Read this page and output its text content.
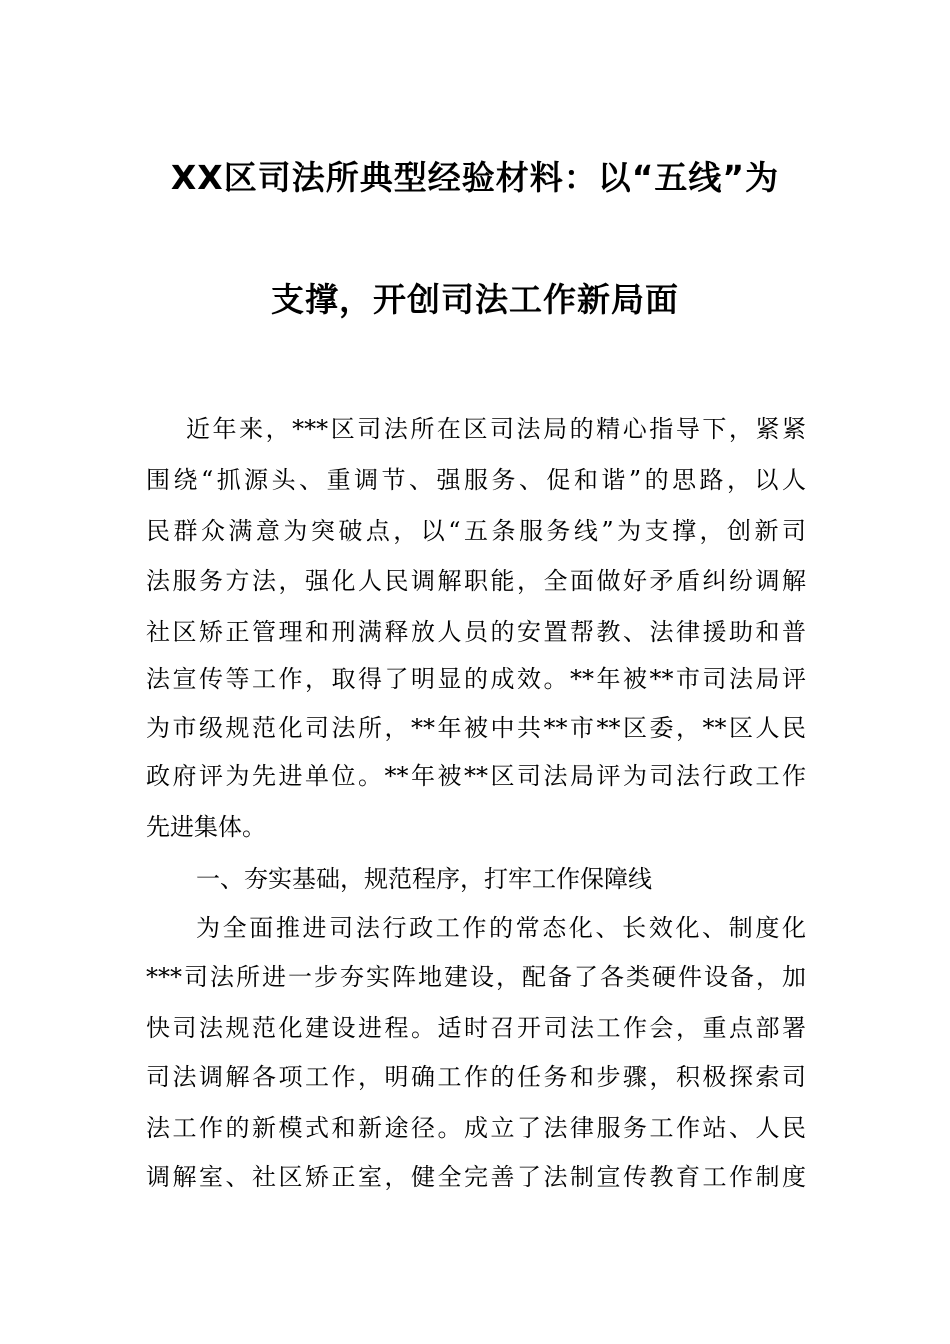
XX区司法所典型经验材料：以“五线”为
支撑，开创司法工作新局面
近年来，***区司法所在区司法局的精心指导下，紧紧
围绕“抓源头、重调节、强服务、促和谐”的思路，以人
民群众满意为突破点，以“五条服务线”为支撑，创新司
法服务方法，强化人民调解职能，全面做好矛盾纠纷调解
社区矫正管理和刑满释放人员的安置帮教、法律援助和普
法宣传等工作，取得了明显的成效。**年被**市司法局评
为市级规范化司法所，**年被中共**市**区委，**区人民
政府评为先进单位。**年被**区司法局评为司法行政工作
先进集体。
一、夯实基础，规范程序，打牢工作保障线
为全面推进司法行政工作的常态化、长效化、制度化
***司法所进一步夯实阵地建设，配备了各类硬件设备，加
快司法规范化建设进程。适时召开司法工作会，重点部署
司法调解各项工作，明确工作的任务和步骤，积极探索司
法工作的新模式和新途径。成立了法律服务工作站、人民
调解室、社区矫正室，健全完善了法制宣传教育工作制度
